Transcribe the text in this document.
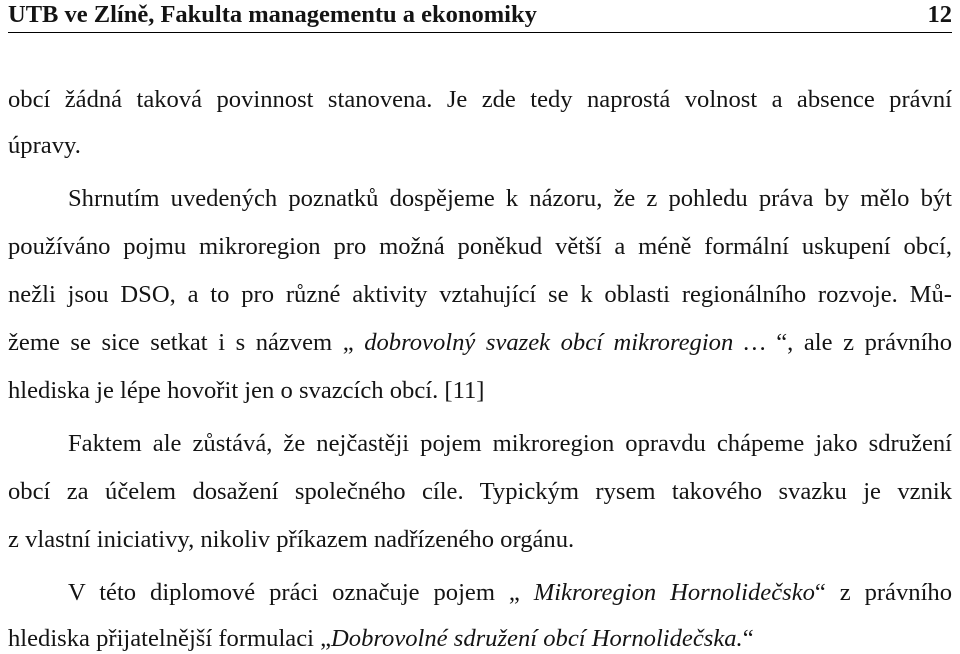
UTB ve Zlíně, Fakulta managementu a ekonomiky	12
obcí žádná taková povinnost stanovena. Je zde tedy naprostá volnost a absence právní
úpravy.
Shrnutím uvedených poznatků dospějeme k názoru, že z pohledu práva by mělo být
používáno pojmu mikroregion pro možná poněkud větší a méně formální uskupení obcí,
nežli jsou DSO, a to pro různé aktivity vztahující se k oblasti regionálního rozvoje. Mů-
žeme se sice setkat i s názvem „ dobrovolný svazek obcí mikroregion … “, ale z právního
hlediska je lépe hovořit jen o svazcích obcí. [11]
Faktem ale zůstává, že nejčastěji pojem mikroregion opravdu chápeme jako sdružení
obcí za účelem dosažení společného cíle. Typickým rysem takového svazku je vznik
z vlastní iniciativy, nikoliv příkazem nadřízeného orgánu.
V této diplomové práci označuje pojem „ Mikroregion Hornolidečsko“ z právního
hlediska přijatelnější formulaci „Dobrovolné sdružení obcí Hornolidečska.“
